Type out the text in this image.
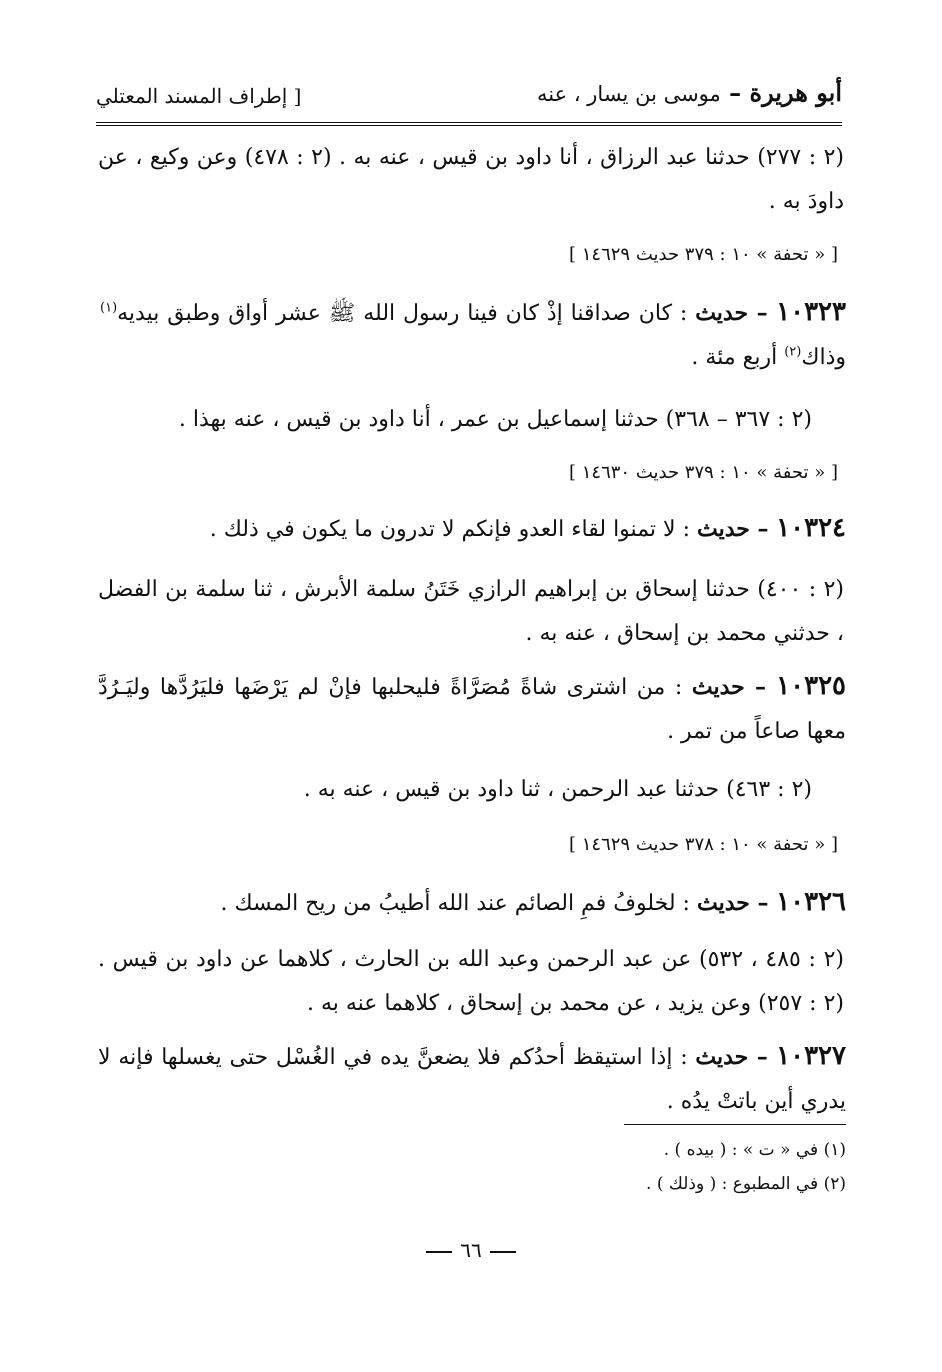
أبو هريرة – موسى بن يسار ، عنه
[ إطراف المسند المعتلي
(٢ : ٢٧٧) حدثنا عبد الرزاق ، أنا داود بن قيس ، عنه به . (٢ : ٤٧٨) وعن وكيع ، عن داودَ به .
[ « تحفة » ١٠ : ٣٧٩ حديث ١٤٦٢٩ ]
١٠٣٢٣ – حديث : كان صداقنا إذْ كان فينا رسول الله ﷺ عشر أواق وطبق بيديه$^{(١)}$ وذاك$^{(٢)}$ أربع مئة .
(٢ : ٣٦٧ – ٣٦٨) حدثنا إسماعيل بن عمر ، أنا داود بن قيس ، عنه بهذا .
[ « تحفة » ١٠ : ٣٧٩ حديث ١٤٦٣٠ ]
١٠٣٢٤ – حديث : لا تمنوا لقاء العدو فإنكم لا تدرون ما يكون في ذلك .
(٢ : ٤٠٠) حدثنا إسحاق بن إبراهيم الرازي خَتَنُ سلمة الأبرش ، ثنا سلمة بن الفضل ، حدثني محمد بن إسحاق ، عنه به .
١٠٣٢٥ – حديث : من اشترى شاةً مُصَرَّاةً فليحلبها فإنْ لم يَرْضَها فليَرُدَّها وليَـرُدَّ معها صاعاً من تمر .
(٢ : ٤٦٣) حدثنا عبد الرحمن ، ثنا داود بن قيس ، عنه به .
[ « تحفة » ١٠ : ٣٧٨ حديث ١٤٦٢٩ ]
١٠٣٢٦ – حديث : لخلوفُ فمِ الصائم عند الله أطيبُ من ريح المسك .
(٢ : ٤٨٥ ، ٥٣٢) عن عبد الرحمن وعبد الله بن الحارث ، كلاهما عن داود بن قيس . (٢ : ٢٥٧) وعن يزيد ، عن محمد بن إسحاق ، كلاهما عنه به .
١٠٣٢٧ – حديث : إذا استيقظ أحدُكم فلا يضعنَّ يده في الغُسْل حتى يغسلها فإنه لا يدري أين باتتْ يدُه .
(١) في « ت » : ( بيده ) .
(٢) في المطبوع : ( وذلك ) .
٦٦
